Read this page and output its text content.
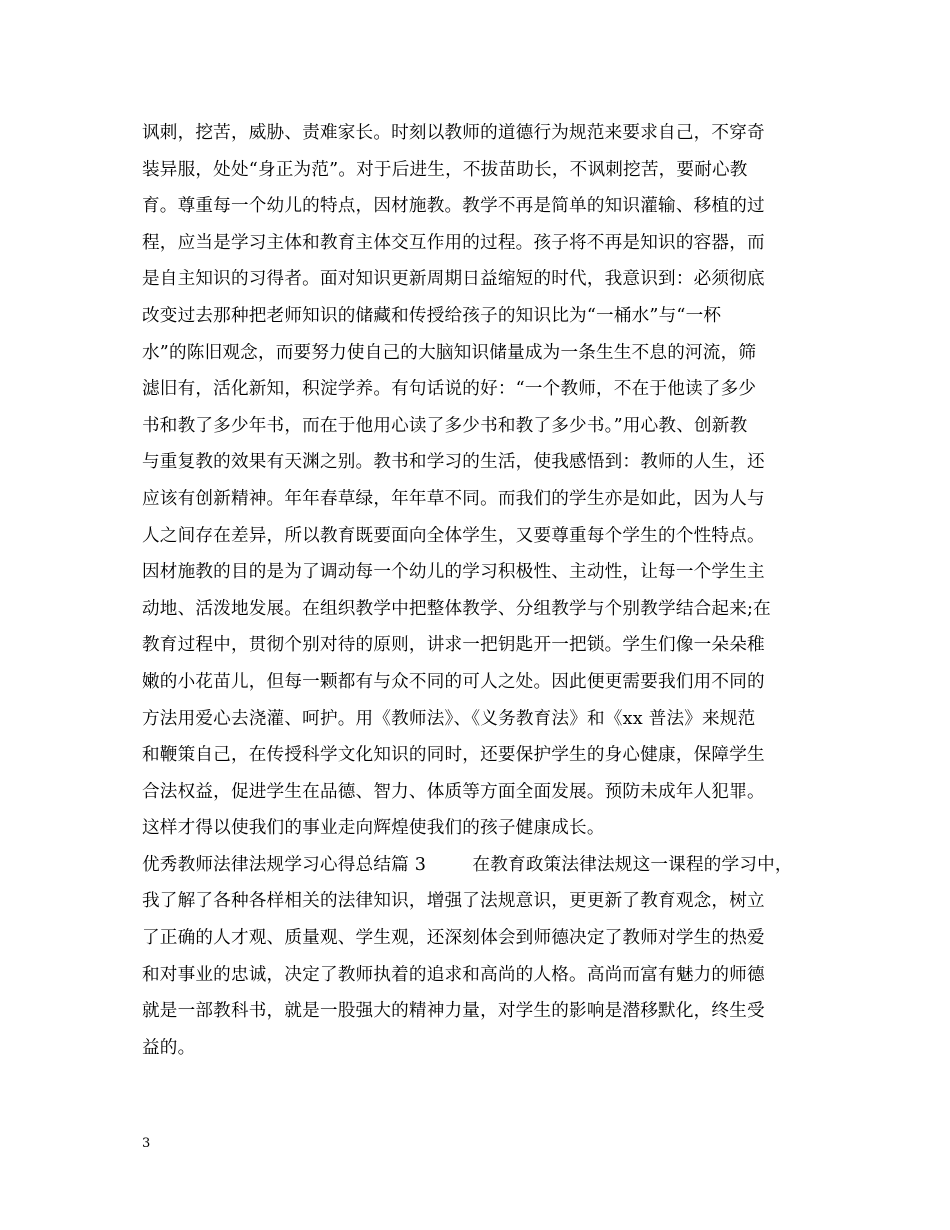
讽刺，挖苦，威胁、责难家长。时刻以教师的道德行为规范来要求自己，不穿奇
装异服，处处“身正为范”。对于后进生，不拔苗助长，不讽刺挖苦，要耐心教
育。尊重每一个幼儿的特点，因材施教。教学不再是简单的知识灌输、移植的过
程，应当是学习主体和教育主体交互作用的过程。孩子将不再是知识的容器，而
是自主知识的习得者。面对知识更新周期日益缩短的时代，我意识到：必须彻底
改变过去那种把老师知识的储藏和传授给孩子的知识比为“一桶水”与“一杯
水”的陈旧观念，而要努力使自己的大脑知识储量成为一条生生不息的河流，筛
滤旧有，活化新知，积淀学养。有句话说的好：“一个教师，不在于他读了多少
书和教了多少年书，而在于他用心读了多少书和教了多少书。”用心教、创新教
与重复教的效果有天渊之别。教书和学习的生活，使我感悟到：教师的人生，还
应该有创新精神。年年春草绿，年年草不同。而我们的学生亦是如此，因为人与
人之间存在差异，所以教育既要面向全体学生，又要尊重每个学生的个性特点。
因材施教的目的是为了调动每一个幼儿的学习积极性、主动性，让每一个学生主
动地、活泼地发展。在组织教学中把整体教学、分组教学与个别教学结合起来;在
教育过程中，贯彻个别对待的原则，讲求一把钥匙开一把锁。学生们像一朵朵稚
嫩的小花苗儿，但每一颗都有与众不同的可人之处。因此便更需要我们用不同的
方法用爱心去浇灌、呵护。用《教师法》、《义务教育法》和《xx 普法》来规范
和鞭策自己，在传授科学文化知识的同时，还要保护学生的身心健康，保障学生
合法权益，促进学生在品德、智力、体质等方面全面发展。预防未成年人犯罪。
这样才得以使我们的事业走向辉煌使我们的孩子健康成长。
优秀教师法律法规学习心得总结篇 3        在教育政策法律法规这一课程的学习中，
我了解了各种各样相关的法律知识，增强了法规意识，更更新了教育观念，树立
了正确的人才观、质量观、学生观，还深刻体会到师德决定了教师对学生的热爱
和对事业的忠诚，决定了教师执着的追求和高尚的人格。高尚而富有魅力的师德
就是一部教科书，就是一股强大的精神力量，对学生的影响是潜移默化，终生受
益的。
3
